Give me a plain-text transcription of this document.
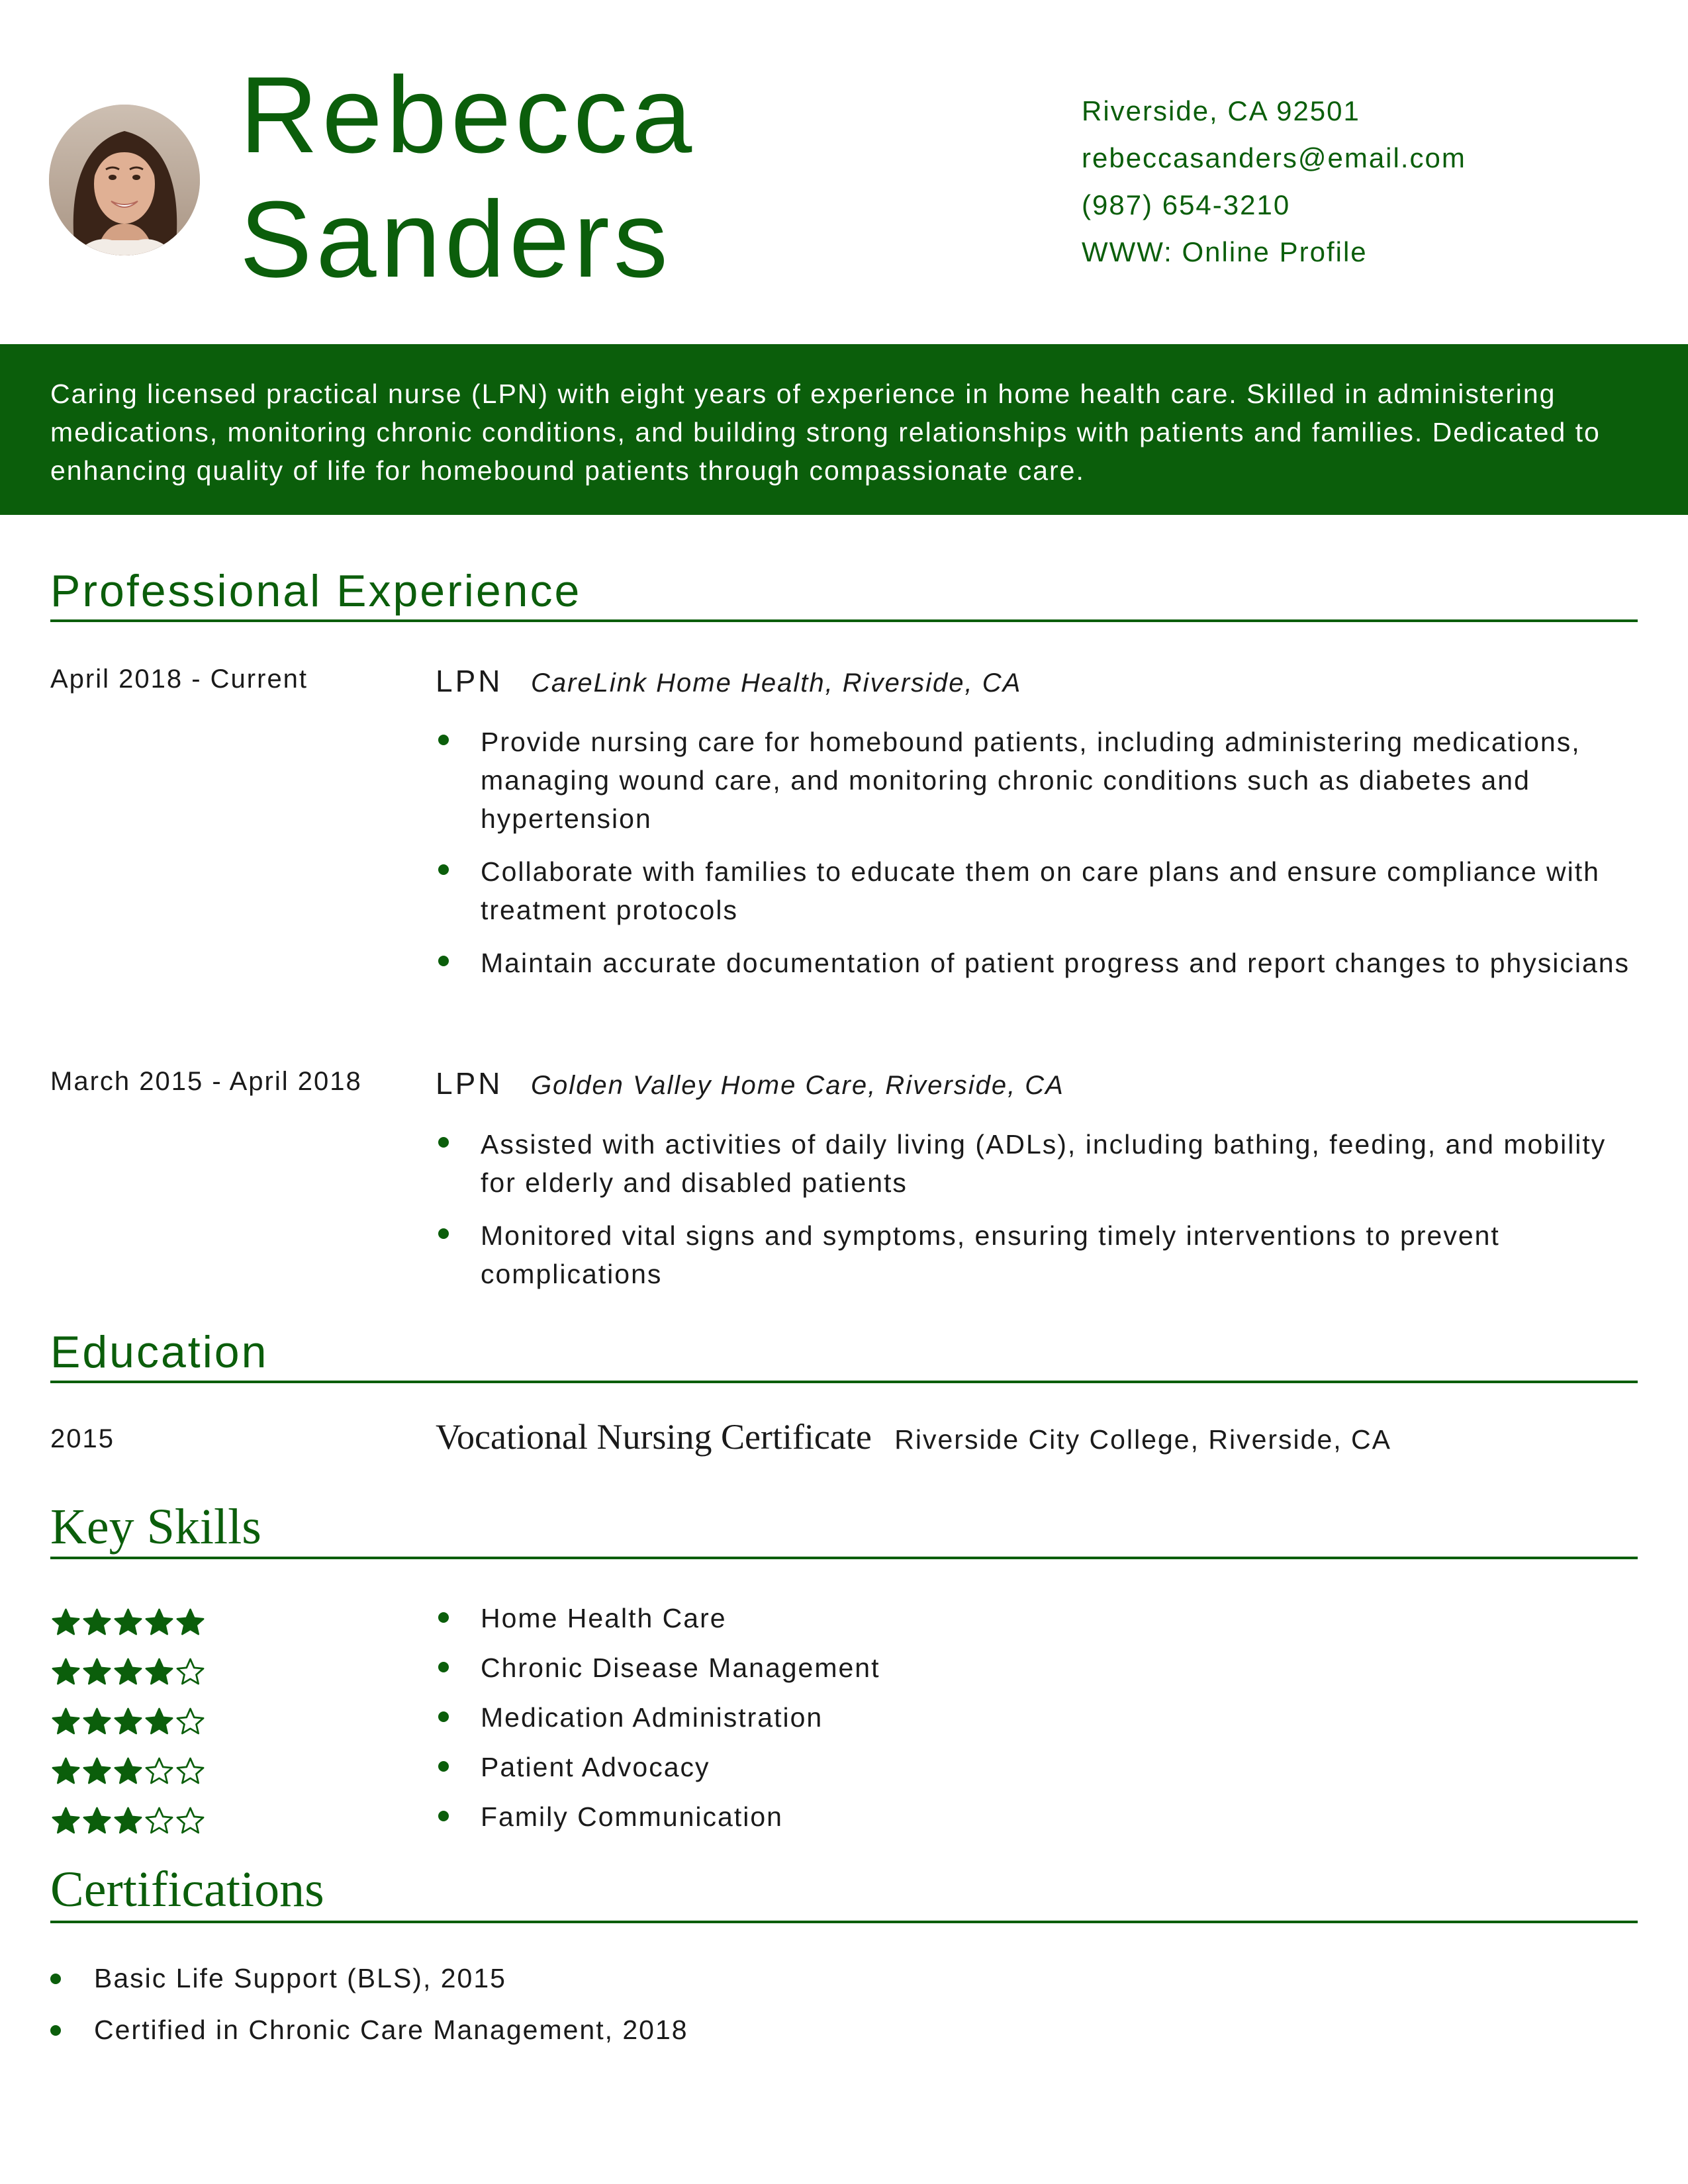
Rebecca
Sanders
Riverside, CA 92501
rebeccasanders@email.com
(987) 654-3210
WWW: Online Profile

Caring licensed practical nurse (LPN) with eight years of experience in home health care. Skilled in administering medications, monitoring chronic conditions, and building strong relationships with patients and families. Dedicated to enhancing quality of life for homebound patients through compassionate care.

Professional Experience
April 2018 - Current	LPN CareLink Home Health, Riverside, CA
Provide nursing care for homebound patients, including administering medications, managing wound care, and monitoring chronic conditions such as diabetes and hypertension
Collaborate with families to educate them on care plans and ensure compliance with treatment protocols
Maintain accurate documentation of patient progress and report changes to physicians
March 2015 - April 2018 LPN Golden Valley Home Care, Riverside, CA
Assisted with activities of daily living (ADLs), including bathing, feeding, and mobility for elderly and disabled patients
Monitored vital signs and symptoms, ensuring timely interventions to prevent complications
Education
2015	Vocational Nursing Certificate Riverside City College, Riverside, CA
Key Skills
Home Health Care
Chronic Disease Management
Medication Administration
Patient Advocacy
Family Communication
Certifications
Basic Life Support (BLS), 2015
Certified in Chronic Care Management, 2018
